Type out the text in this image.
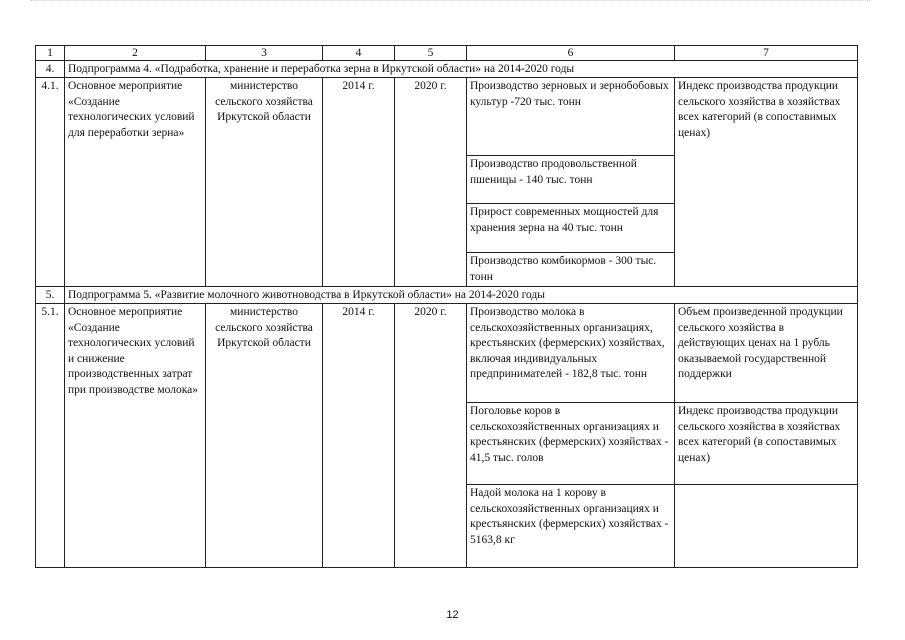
1	2	3	4	5	6	7
4.	Подпрограмма 4. «Подработка, хранение и переработка зерна в Иркутской области» на 2014-2020 годы					
4.1.	Основное мероприятие «Создание технологических условий для переработки зерна»	министерство сельского хозяйства Иркутской области	2014 г.	2020 г.	Производство зерновых и зернобобовых культур -720 тыс. тонн	Индекс производства продукции сельского хозяйства в хозяйствах всех категорий (в сопоставимых ценах)
					Производство продовольственной пшеницы - 140 тыс. тонн	
					Прирост современных мощностей для хранения зерна на 40 тыс. тонн	
					Производство комбикормов - 300 тыс. тонн	
5.	Подпрограмма 5. «Развитие молочного животноводства в Иркутской области» на 2014-2020 годы					
5.1.	Основное мероприятие «Создание технологических условий и снижение производственных затрат при производстве молока»	министерство сельского хозяйства Иркутской области	2014 г.	2020 г.	Производство молока в сельскохозяйственных организациях, крестьянских (фермерских) хозяйствах, включая индивидуальных предпринимателей - 182,8 тыс. тонн	Объем произведенной продукции сельского хозяйства в действующих ценах на 1 рубль оказываемой государственной поддержки
					Поголовье коров в сельскохозяйственных организациях и крестьянских (фермерских) хозяйствах - 41,5 тыс. голов	Индекс производства продукции сельского хозяйства в хозяйствах всех категорий (в сопоставимых ценах)
					Надой молока на 1 корову в сельскохозяйственных организациях и крестьянских (фермерских) хозяйствах - 5163,8 кг	
12
